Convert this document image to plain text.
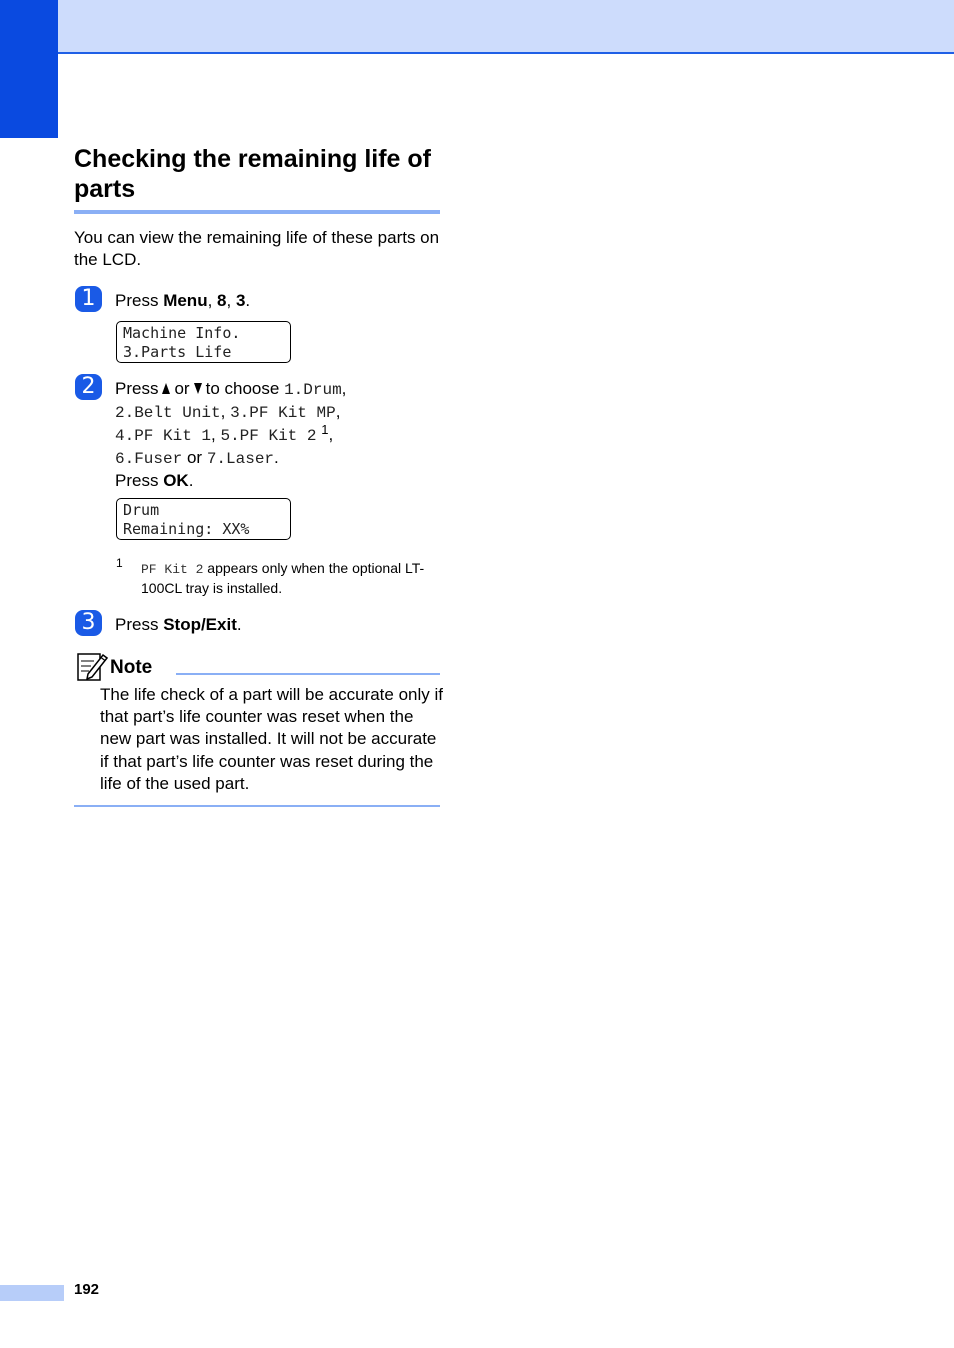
Checking the remaining life of parts
You can view the remaining life of these parts on the LCD.
1	Press Menu, 8, 3.
Machine Info.
3.Parts Life
2	Press or to choose 1.Drum,
2.Belt Unit, 3.PF Kit MP,
4.PF Kit 1, 5.PF Kit 2 $^1$,
6.Fuser or 7.Laser.
Press OK.
Drum
Remaining: XX%
1 PF Kit 2 appears only when the optional LT-100CL tray is installed.
3	Press Stop/Exit.
Note
The life check of a part will be accurate only if that part’s life counter was reset when the new part was installed. It will not be accurate if that part’s life counter was reset during the life of the used part.
192
